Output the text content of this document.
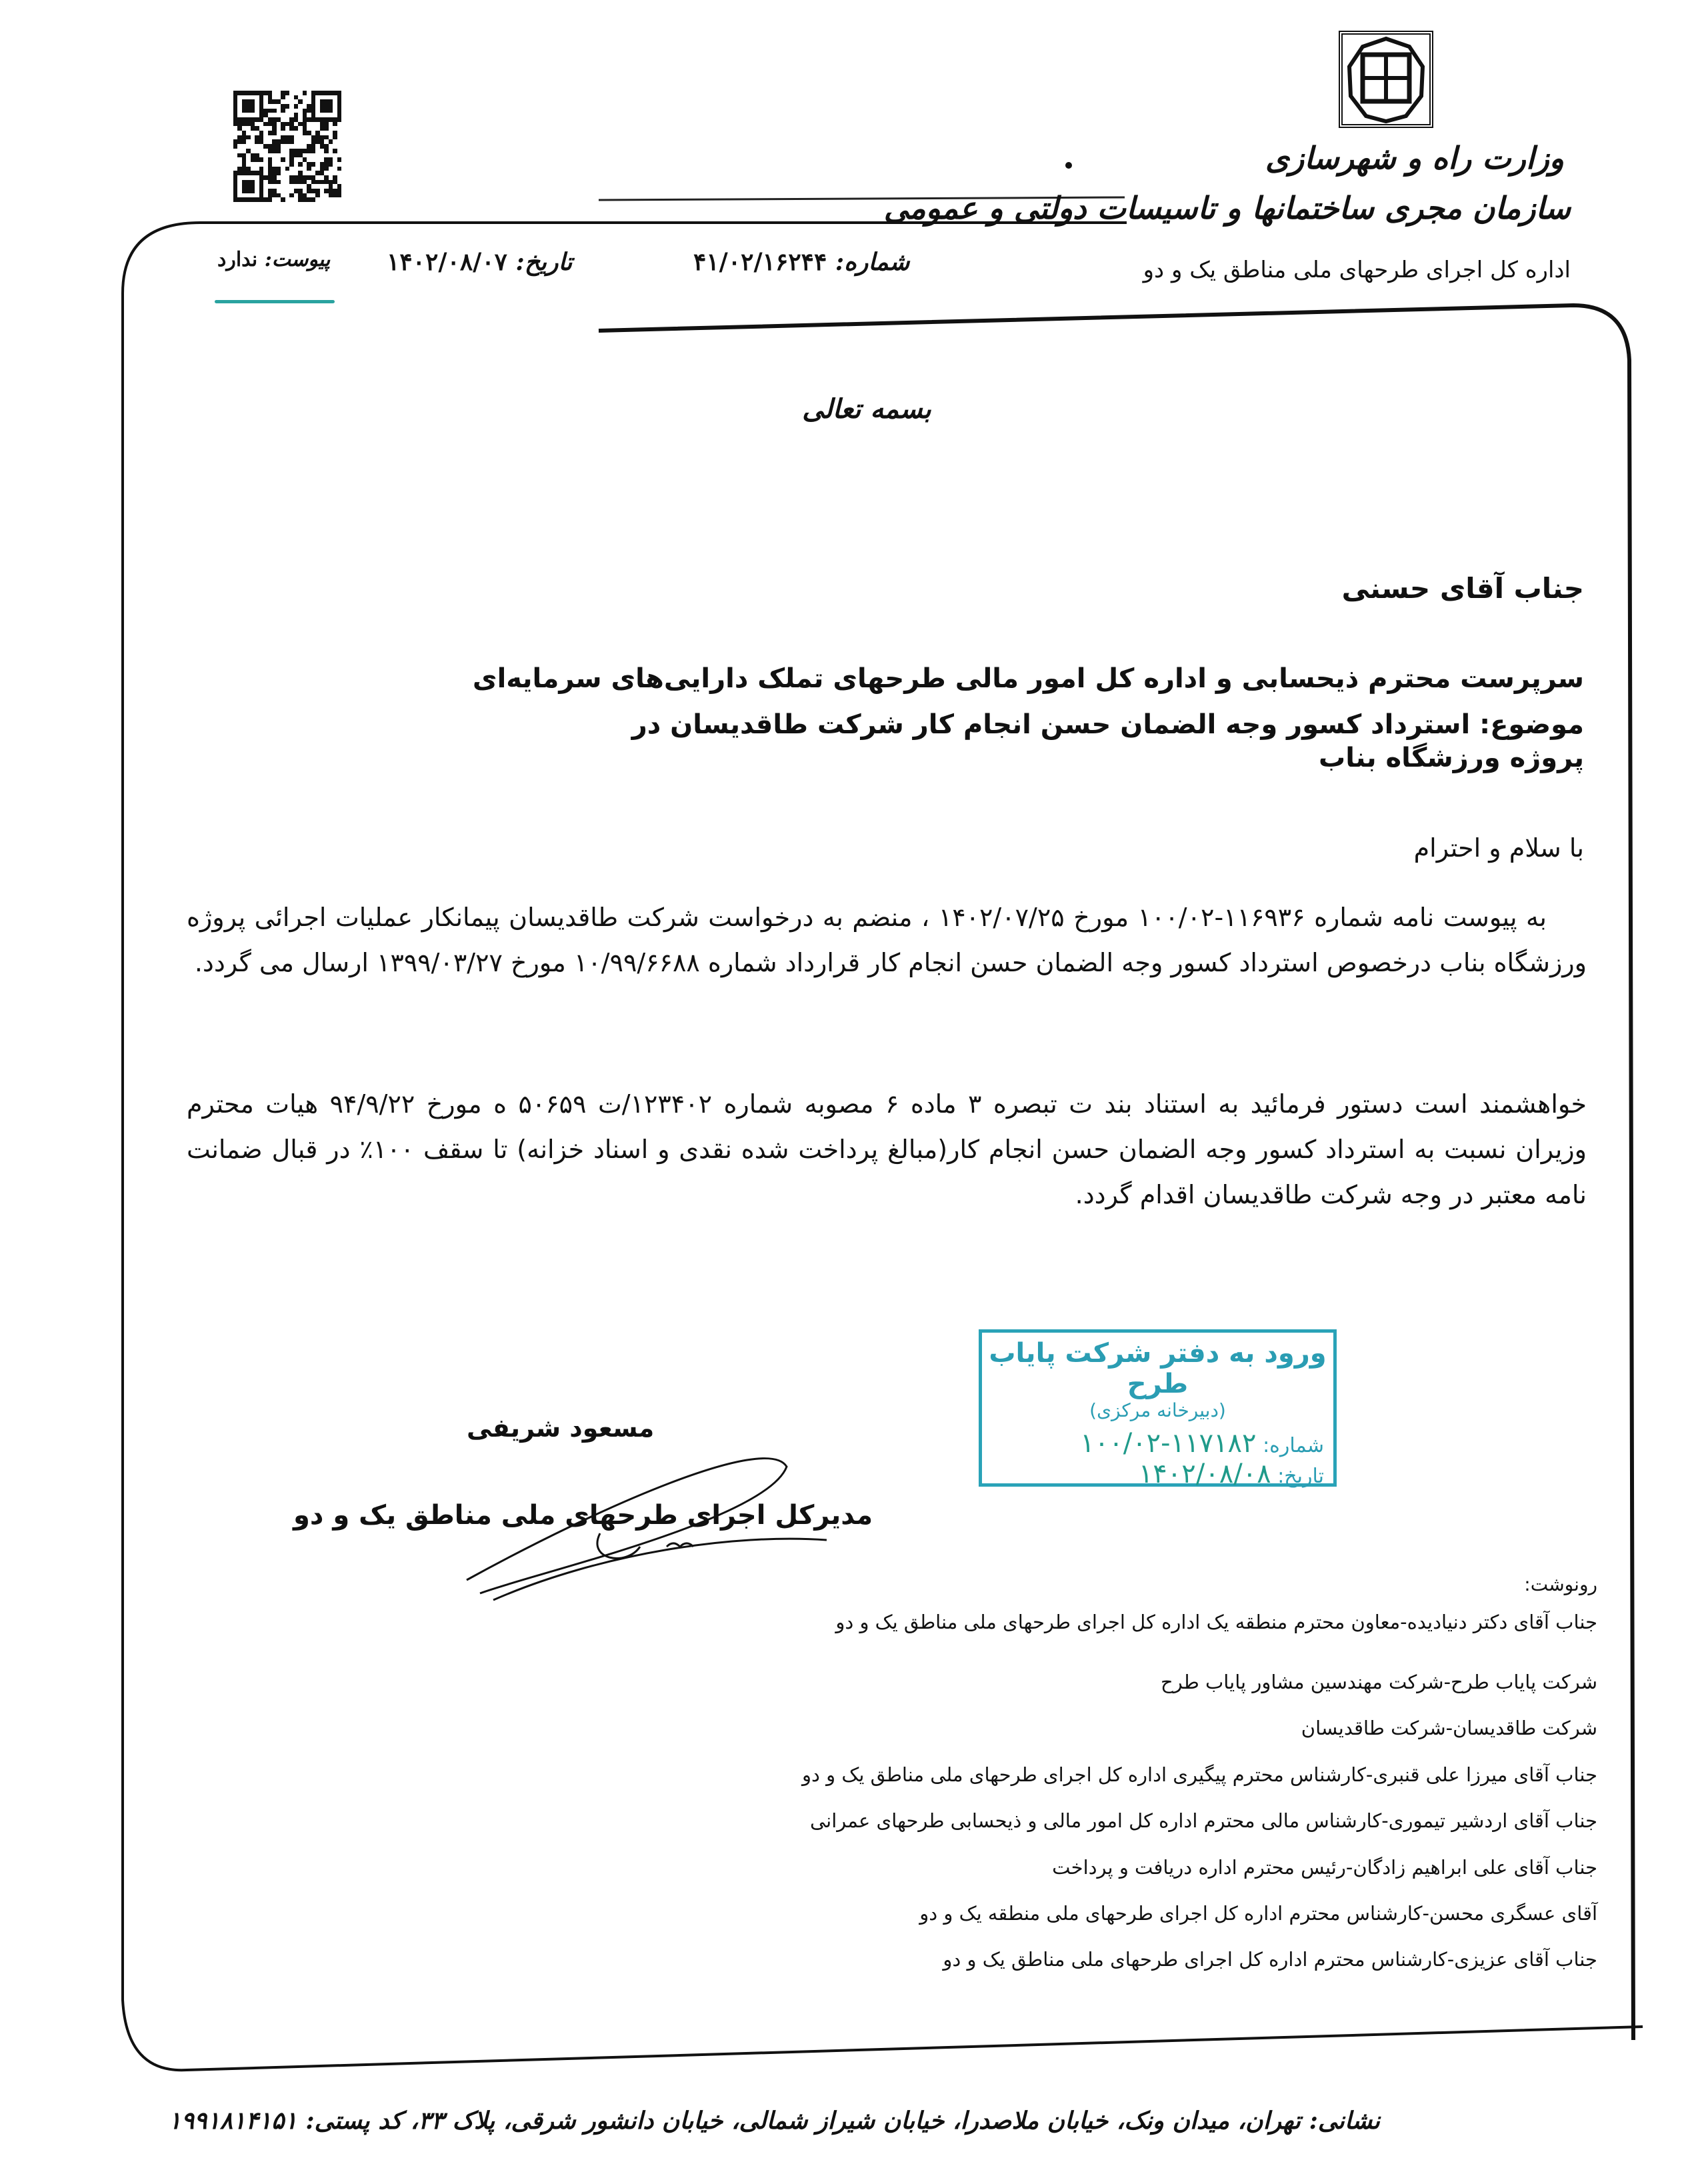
وزارت راه و شهرسازی
سازمان مجری ساختمانها و تاسیسات دولتی و عمومی
اداره کل اجرای طرحهای ملی مناطق یک و دو
شماره: ۴۱/۰۲/۱۶۲۴۴
تاریخ: ۱۴۰۲/۰۸/۰۷
پیوست: ندارد
بسمه تعالی
جناب آقای حسنی
سرپرست محترم ذیحسابی و اداره کل امور مالی طرحهای تملک دارایی‌های سرمایه‌ای
موضوع: استرداد کسور وجه الضمان حسن انجام کار شرکت طاقدیسان در پروژه ورزشگاه بناب
با سلام و احترام
به پیوست نامه شماره ۱۱۶۹۳۶-۱۰۰/۰۲ مورخ ۱۴۰۲/۰۷/۲۵ ، منضم به درخواست شرکت طاقدیسان پیمانکار عملیات اجرائی پروژه ورزشگاه بناب درخصوص استرداد کسور وجه الضمان حسن انجام کار قرارداد شماره ۱۰/۹۹/۶۶۸۸ مورخ ۱۳۹۹/۰۳/۲۷ ارسال می گردد.
خواهشمند است دستور فرمائید به استناد بند ت تبصره ۳ ماده ۶ مصوبه شماره ۱۲۳۴۰۲/ت ۵۰۶۵۹ ه مورخ ۹۴/۹/۲۲ هیات محترم وزیران نسبت به استرداد کسور وجه الضمان حسن انجام کار(مبالغ پرداخت شده نقدی و اسناد خزانه) تا سقف ۱۰۰٪ در قبال ضمانت نامه معتبر در وجه شرکت طاقدیسان اقدام گردد.
ورود به دفتر شرکت پایاب طرح
(دبیرخانه مرکزی)
شماره: ۱۱۷۱۸۲-۱۰۰/۰۲
تاریخ: ۱۴۰۲/۰۸/۰۸
مسعود شریفی
مدیرکل اجرای طرحهای ملی مناطق یک و دو
رونوشت:
جناب آقای دکتر دنیادیده-معاون محترم منطقه یک اداره کل اجرای طرحهای ملی مناطق یک و دو
شرکت پایاب طرح-شرکت مهندسین مشاور پایاب طرح
شرکت طاقدیسان-شرکت طاقدیسان
جناب آقای میرزا علی قنبری-کارشناس محترم پیگیری اداره کل اجرای طرحهای ملی مناطق یک و دو
جناب آقای اردشیر تیموری-کارشناس مالی محترم اداره کل امور مالی و ذیحسابی طرحهای عمرانی
جناب آقای علی ابراهیم زادگان-رئیس محترم اداره دریافت و پرداخت
آقای عسگری محسن-کارشناس محترم اداره کل اجرای طرحهای ملی منطقه یک و دو
جناب آقای عزیزی-کارشناس محترم اداره کل اجرای طرحهای ملی مناطق یک و دو
نشانی: تهران، میدان ونک، خیابان ملاصدرا، خیابان شیراز شمالی، خیابان دانشور شرقی، پلاک ۳۳، کد پستی: ۱۹۹۱۸۱۴۱۵۱
